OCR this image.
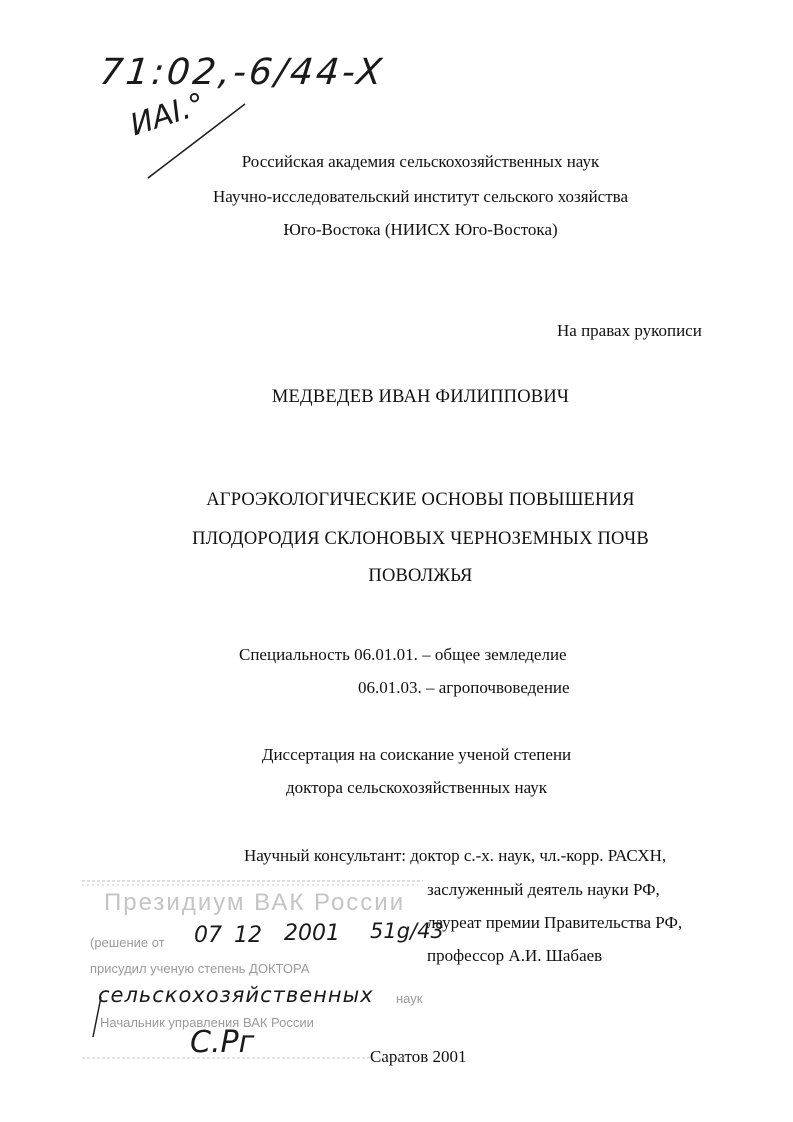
71:02,-6/44-X
ИАI.°
Российская академия сельскохозяйственных наук
Научно-исследовательский институт сельского хозяйства
Юго-Востока (НИИСХ Юго-Востока)
На правах рукописи
МЕДВЕДЕВ ИВАН ФИЛИППОВИЧ
АГРОЭКОЛОГИЧЕСКИЕ ОСНОВЫ ПОВЫШЕНИЯ
ПЛОДОРОДИЯ СКЛОНОВЫХ ЧЕРНОЗЕМНЫХ ПОЧВ
ПОВОЛЖЬЯ
Специальность 06.01.01. – общее земледелие
06.01.03. – агропочвоведение
Диссертация на соискание ученой степени
доктора сельскохозяйственных наук
Научный консультант: доктор с.-х. наук, чл.-корр. РАСХН,
заслуженный деятель науки РФ,
лауреат премии Правительства РФ,
профессор А.И. Шабаев
Саратов 2001
Президиум ВАК России
(решение от 07 12 2001 51g/43
присудил ученую степень ДОКТОРА
сельскохозяйственных наук
Начальник управления ВАК России
С.Рг
